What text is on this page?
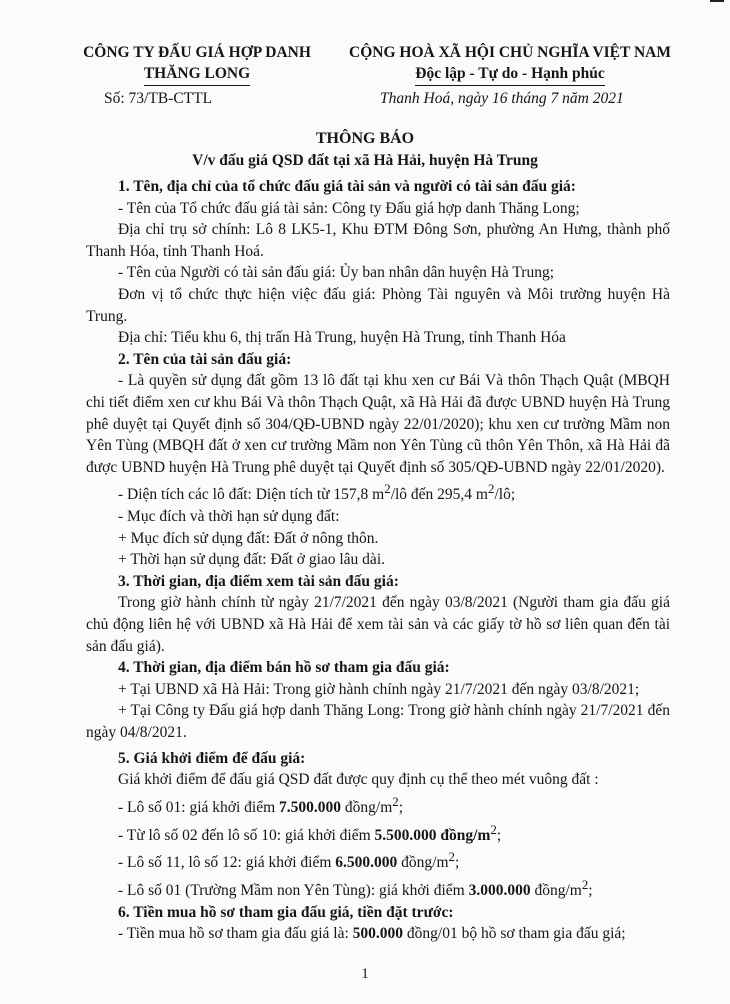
CÔNG TY ĐẤU GIÁ HỢP DANH
THĂNG LONG
Số: 73/TB-CTTL
CỘNG HOÀ XÃ HỘI CHỦ NGHĨA VIỆT NAM
Độc lập - Tự do - Hạnh phúc
Thanh Hoá, ngày 16 tháng 7 năm 2021
THÔNG BÁO
V/v đấu giá QSD đất tại xã Hà Hải, huyện Hà Trung

1. Tên, địa chỉ của tổ chức đấu giá tài sản và người có tài sản đấu giá:

- Tên của Tổ chức đấu giá tài sản: Công ty Đấu giá hợp danh Thăng Long;

Địa chỉ trụ sở chính: Lô 8 LK5-1, Khu ĐTM Đông Sơn, phường An Hưng, thành phố Thanh Hóa, tỉnh Thanh Hoá.

- Tên của Người có tài sản đấu giá: Ủy ban nhân dân huyện Hà Trung;

Đơn vị tổ chức thực hiện việc đấu giá: Phòng Tài nguyên và Môi trường huyện Hà Trung.

Địa chỉ: Tiểu khu 6, thị trấn Hà Trung, huyện Hà Trung, tỉnh Thanh Hóa

2. Tên của tài sản đấu giá:

- Là quyền sử dụng đất gồm 13 lô đất tại khu xen cư Bái Và thôn Thạch Quật (MBQH chi tiết điểm xen cư khu Bái Và thôn Thạch Quật, xã Hà Hải đã được UBND huyện Hà Trung phê duyệt tại Quyết định số 304/QĐ-UBND ngày 22/01/2020); khu xen cư trường Mầm non Yên Tùng (MBQH đất ở xen cư trường Mầm non Yên Tùng cũ thôn Yên Thôn, xã Hà Hải đã được UBND huyện Hà Trung phê duyệt tại Quyết định số 305/QĐ-UBND ngày 22/01/2020).

- Diện tích các lô đất: Diện tích từ 157,8 $m^2/lô$ đến 295,4 $m^2/lô$;

- Mục đích và thời hạn sử dụng đất:

+ Mục đích sử dụng đất: Đất ở nông thôn.

+ Thời hạn sử dụng đất: Đất ở giao lâu dài.

3. Thời gian, địa điểm xem tài sản đấu giá:

Trong giờ hành chính từ ngày 21/7/2021 đến ngày 03/8/2021 (Người tham gia đấu giá chủ động liên hệ với UBND xã Hà Hải để xem tài sản và các giấy tờ hồ sơ liên quan đến tài sản đấu giá).

4. Thời gian, địa điểm bán hồ sơ tham gia đấu giá:

+ Tại UBND xã Hà Hải: Trong giờ hành chính ngày 21/7/2021 đến ngày 03/8/2021;

+ Tại Công ty Đấu giá hợp danh Thăng Long: Trong giờ hành chính ngày 21/7/2021 đến ngày 04/8/2021.

5. Giá khởi điểm để đấu giá:

Giá khởi điểm để đấu giá QSD đất được quy định cụ thể theo mét vuông đất :

- Lô số 01: giá khởi điểm 7.500.000 đồng/$m^2$;

- Từ lô số 02 đến lô số 10: giá khởi điểm 5.500.000 đồng/$m^2$;

- Lô số 11, lô số 12: giá khởi điểm 6.500.000 đồng/$m^2$;

- Lô số 01 (Trường Mầm non Yên Tùng): giá khởi điểm 3.000.000 đồng/$m^2$;

6. Tiền mua hồ sơ tham gia đấu giá, tiền đặt trước:

- Tiền mua hồ sơ tham gia đấu giá là: 500.000 đồng/01 bộ hồ sơ tham gia đấu giá;

1
